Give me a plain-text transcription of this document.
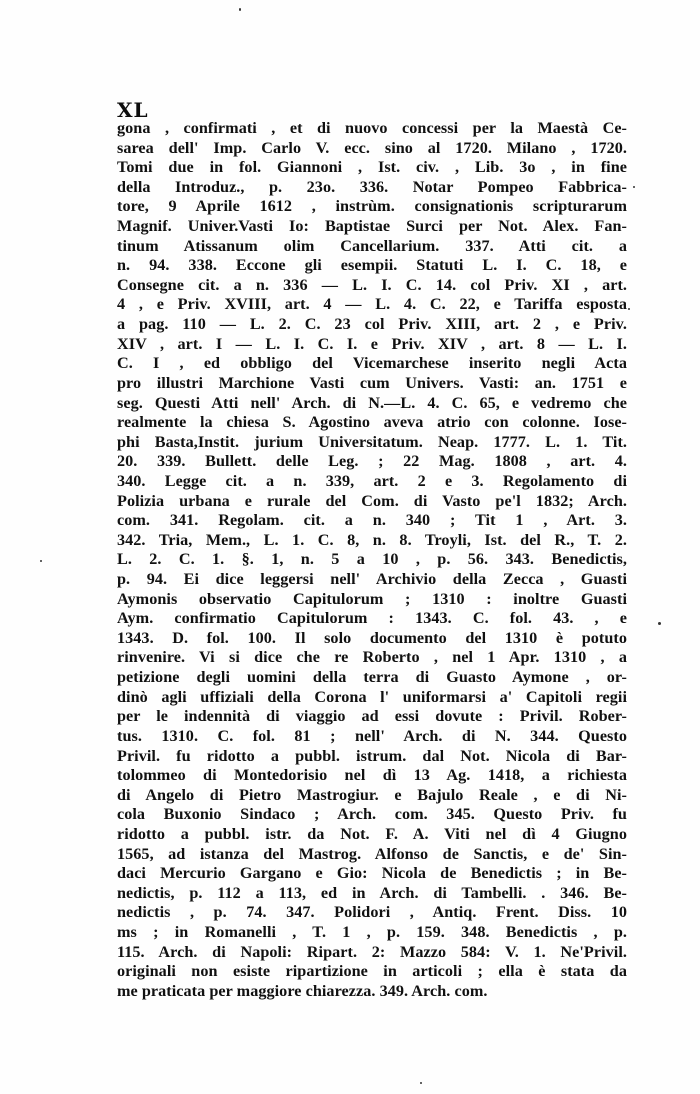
XL
gona , confirmati , et di nuovo concessi per la Maestà Ce-
sarea dell' Imp. Carlo V. ecc. sino al 1720. Milano , 1720.
Tomi due in fol. Giannoni , Ist. civ. , Lib. 3o , in fine
della Introduz., p. 23o. 336. Notar Pompeo Fabbrica-
tore, 9 Aprile 1612 , instrùm. consignationis scripturarum
Magnif. Univer.Vasti Io: Baptistae Surci per Not. Alex. Fan-
tinum Atissanum olim Cancellarium. 337. Atti cit. a
n. 94. 338. Eccone gli esempii. Statuti L. I. C. 18, e
Consegne cit. a n. 336 — L. I. C. 14. col Priv. XI , art.
4 , e Priv. XVIII, art. 4 — L. 4. C. 22, e Tariffa esposta
a pag. 110 — L. 2. C. 23 col Priv. XIII, art. 2 , e Priv.
XIV , art. I — L. I. C. I. e Priv. XIV , art. 8 — L. I.
C. I , ed obbligo del Vicemarchese inserito negli Acta
pro illustri Marchione Vasti cum Univers. Vasti: an. 1751 e
seg. Questi Atti nell' Arch. di N.—L. 4. C. 65, e vedremo che
realmente la chiesa S. Agostino aveva atrio con colonne. Iose-
phi Basta,Instit. jurium Universitatum. Neap. 1777. L. 1. Tit.
20. 339. Bullett. delle Leg. ; 22 Mag. 1808 , art. 4.
340. Legge cit. a n. 339, art. 2 e 3. Regolamento di
Polizia urbana e rurale del Com. di Vasto pe'l 1832; Arch.
com. 341. Regolam. cit. a n. 340 ; Tit 1 , Art. 3.
342. Tria, Mem., L. 1. C. 8, n. 8. Troyli, Ist. del R., T. 2.
L. 2. C. 1. §. 1, n. 5 a 10 , p. 56. 343. Benedictis,
p. 94. Ei dice leggersi nell' Archivio della Zecca , Guasti
Aymonis observatio Capitulorum ; 1310 : inoltre Guasti
Aym. confirmatio Capitulorum : 1343. C. fol. 43. , e
1343. D. fol. 100. Il solo documento del 1310 è potuto
rinvenire. Vi si dice che re Roberto , nel 1 Apr. 1310 , a
petizione degli uomini della terra di Guasto Aymone , or-
dinò agli uffiziali della Corona l' uniformarsi a' Capitoli regii
per le indennità di viaggio ad essi dovute : Privil. Rober-
tus. 1310. C. fol. 81 ; nell' Arch. di N. 344. Questo
Privil. fu ridotto a pubbl. istrum. dal Not. Nicola di Bar-
tolommeo di Montedorisio nel dì 13 Ag. 1418, a richiesta
di Angelo di Pietro Mastrogiur. e Bajulo Reale , e di Ni-
cola Buxonio Sindaco ; Arch. com. 345. Questo Priv. fu
ridotto a pubbl. istr. da Not. F. A. Viti nel dì 4 Giugno
1565, ad istanza del Mastrog. Alfonso de Sanctis, e de' Sin-
daci Mercurio Gargano e Gio: Nicola de Benedictis ; in Be-
nedictis, p. 112 a 113, ed in Arch. di Tambelli. . 346. Be-
nedictis , p. 74. 347. Polidori , Antiq. Frent. Diss. 10
ms ; in Romanelli , T. 1 , p. 159. 348. Benedictis , p.
115. Arch. di Napoli: Ripart. 2: Mazzo 584: V. 1. Ne'Privil.
originali non esiste ripartizione in articoli ; ella è stata da
me praticata per maggiore chiarezza. 349. Arch. com.
